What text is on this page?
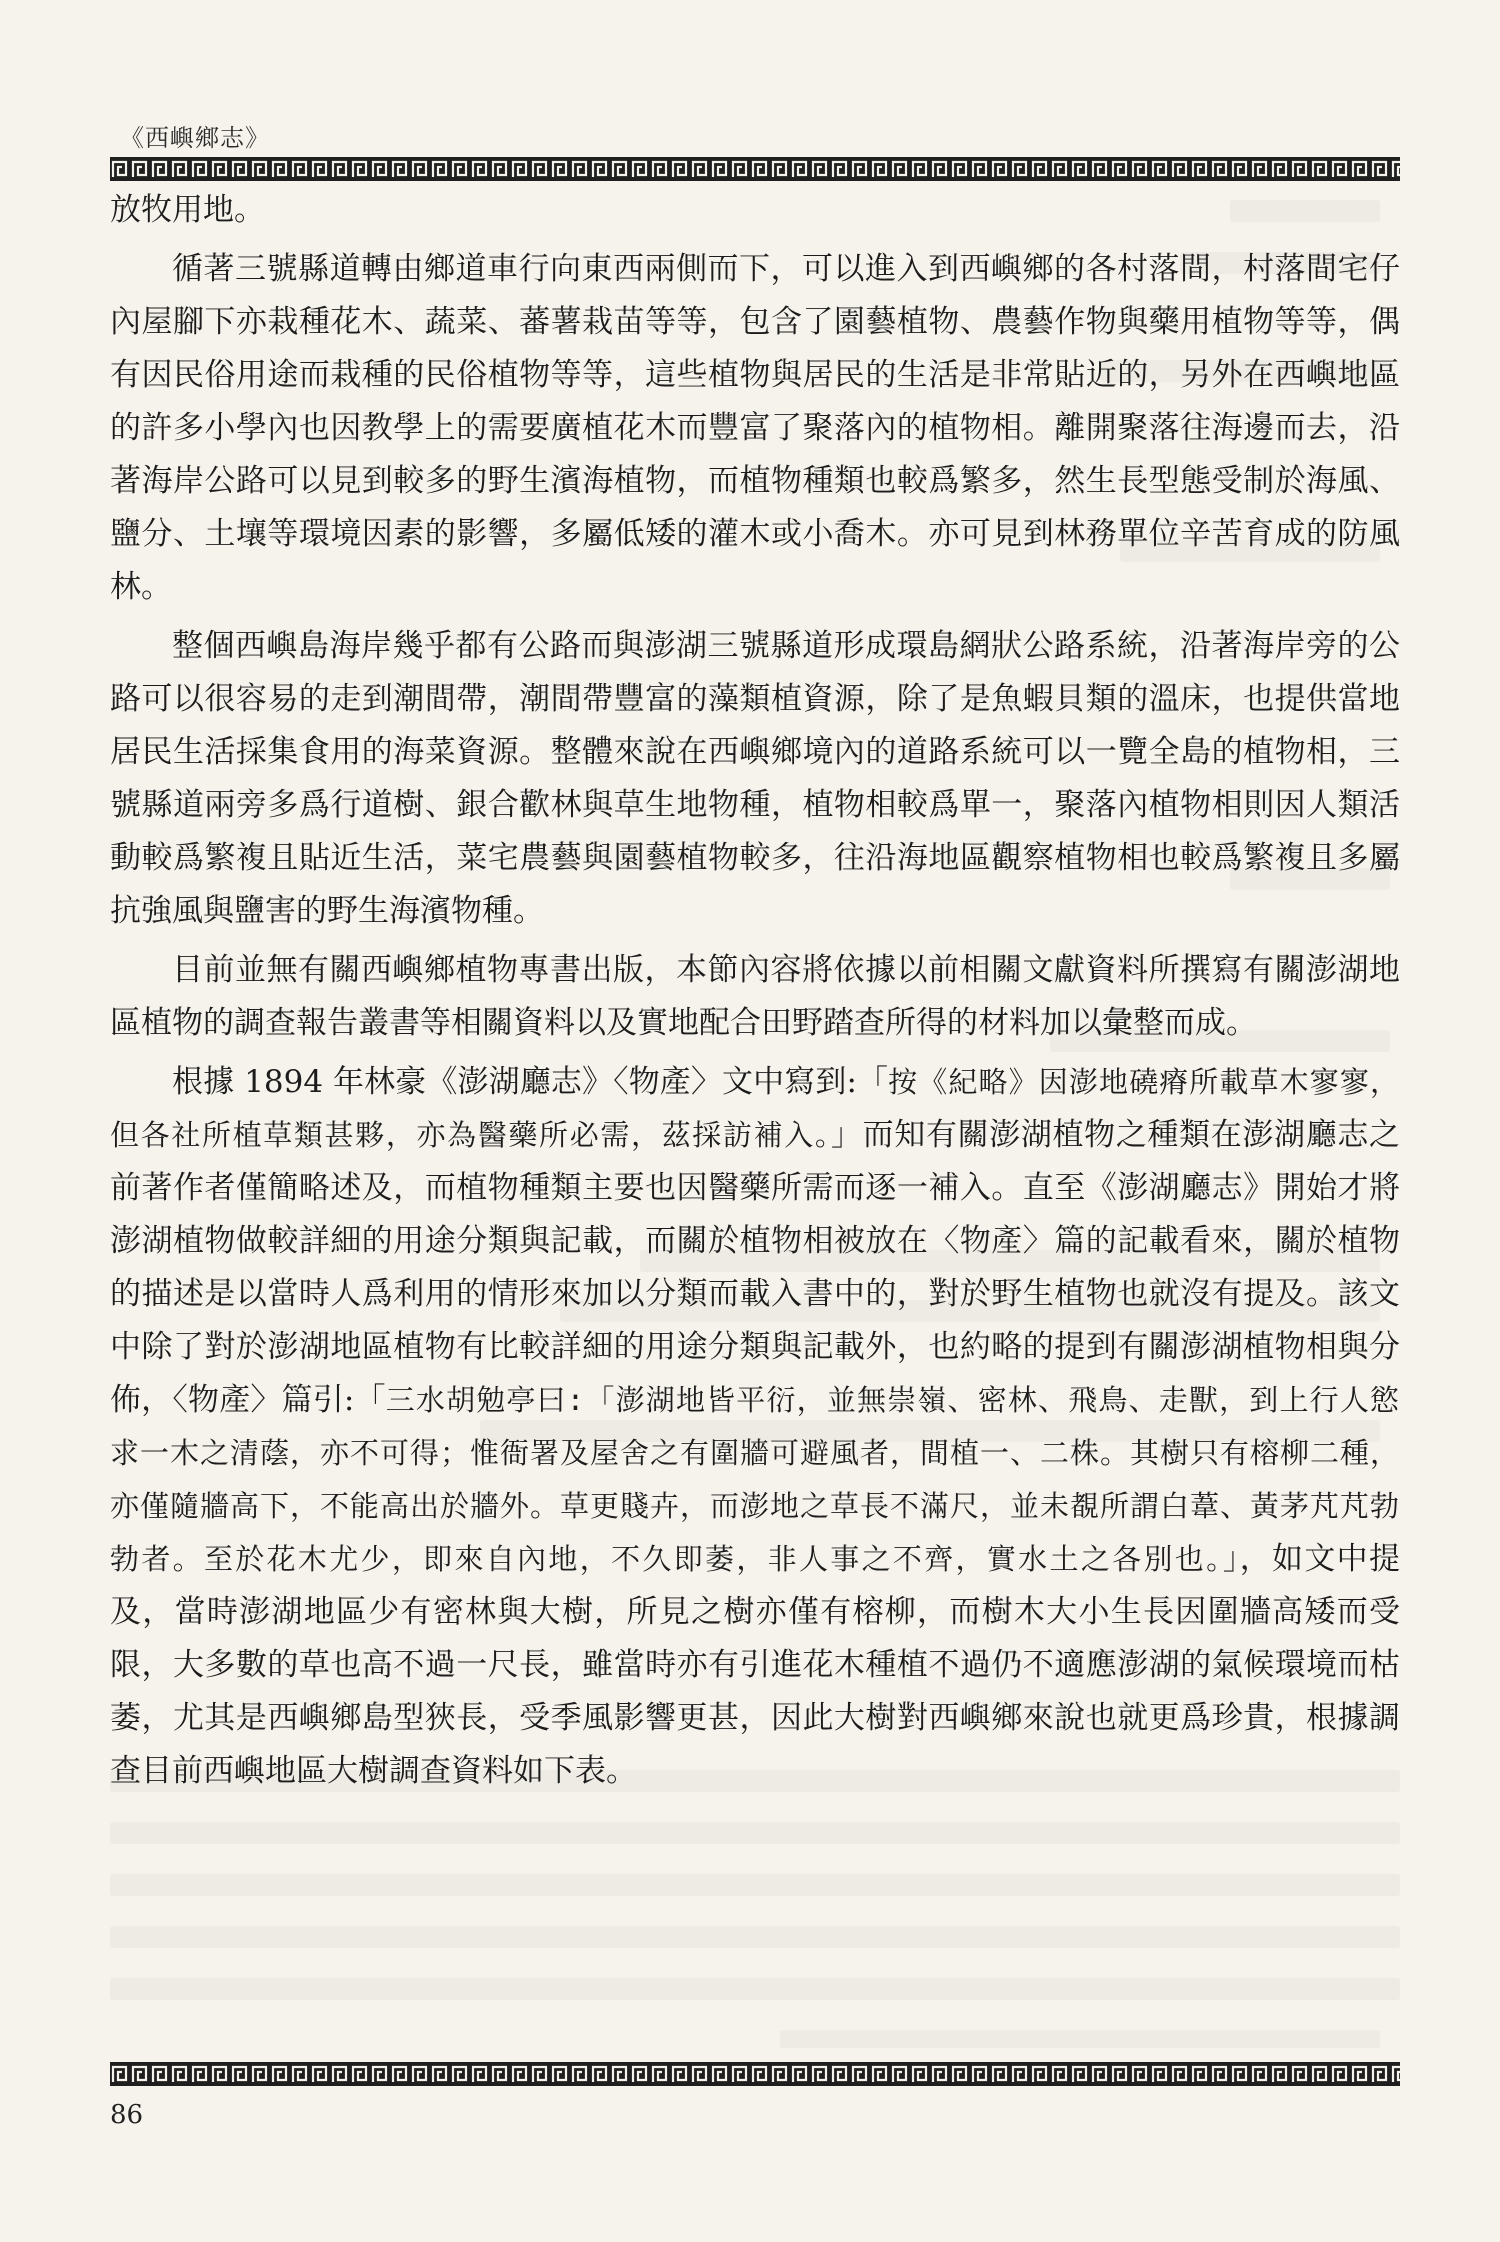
《西嶼鄉志》

放牧用地。

循著三號縣道轉由鄉道車行向東西兩側而下，可以進入到西嶼鄉的各村落間，村落間宅仔內屋腳下亦栽種花木、蔬菜、蕃薯栽苗等等，包含了園藝植物、農藝作物與藥用植物等等，偶有因民俗用途而栽種的民俗植物等等，這些植物與居民的生活是非常貼近的，另外在西嶼地區的許多小學內也因教學上的需要廣植花木而豐富了聚落內的植物相。離開聚落往海邊而去，沿著海岸公路可以見到較多的野生濱海植物，而植物種類也較爲繁多，然生長型態受制於海風、鹽分、土壤等環境因素的影響，多屬低矮的灌木或小喬木。亦可見到林務單位辛苦育成的防風林。

整個西嶼島海岸幾乎都有公路而與澎湖三號縣道形成環島網狀公路系統，沿著海岸旁的公路可以很容易的走到潮間帶，潮間帶豐富的藻類植資源，除了是魚蝦貝類的溫床，也提供當地居民生活採集食用的海菜資源。整體來說在西嶼鄉境內的道路系統可以一覽全島的植物相，三號縣道兩旁多爲行道樹、銀合歡林與草生地物種，植物相較爲單一，聚落內植物相則因人類活動較爲繁複且貼近生活，菜宅農藝與園藝植物較多，往沿海地區觀察植物相也較爲繁複且多屬抗強風與鹽害的野生海濱物種。

目前並無有關西嶼鄉植物專書出版，本節內容將依據以前相關文獻資料所撰寫有關澎湖地區植物的調查報告叢書等相關資料以及實地配合田野踏查所得的材料加以彙整而成。

根據 1894 年林豪《澎湖廳志》〈物產〉文中寫到:「按《紀略》因澎地磽瘠所載草木寥寥，但各社所植草類甚夥，亦為醫藥所必需，茲採訪補入。」而知有關澎湖植物之種類在澎湖廳志之前著作者僅簡略述及，而植物種類主要也因醫藥所需而逐一補入。直至《澎湖廳志》開始才將澎湖植物做較詳細的用途分類與記載，而關於植物相被放在〈物產〉篇的記載看來，關於植物的描述是以當時人爲利用的情形來加以分類而載入書中的，對於野生植物也就沒有提及。該文中除了對於澎湖地區植物有比較詳細的用途分類與記載外，也約略的提到有關澎湖植物相與分佈，〈物產〉篇引:「三水胡勉亭曰:「澎湖地皆平衍，並無崇嶺、密林、飛鳥、走獸，到上行人慾求一木之清蔭，亦不可得；惟衙署及屋舍之有圍牆可避風者，間植一、二株。其樹只有榕柳二種，亦僅隨牆高下，不能高出於牆外。草更賤卉，而澎地之草長不滿尺，並未覩所謂白葦、黃茅芃芃勃勃者。至於花木尤少，即來自內地，不久即萎，非人事之不齊，實水土之各別也。」，如文中提及，當時澎湖地區少有密林與大樹，所見之樹亦僅有榕柳，而樹木大小生長因圍牆高矮而受限，大多數的草也高不過一尺長，雖當時亦有引進花木種植不過仍不適應澎湖的氣候環境而枯萎，尤其是西嶼鄉島型狹長，受季風影響更甚，因此大樹對西嶼鄉來說也就更爲珍貴，根據調查目前西嶼地區大樹調查資料如下表。

86
